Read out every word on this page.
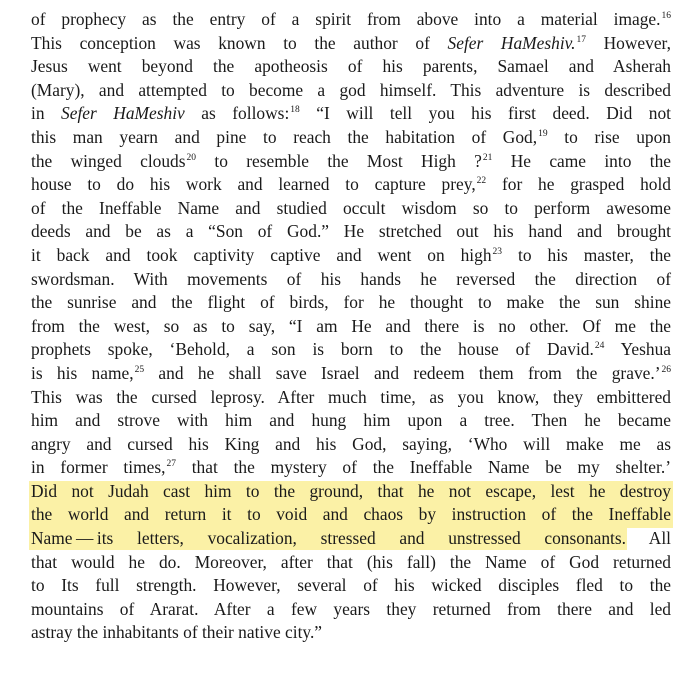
of prophecy as the entry of a spirit from above into a material image.$^{16}$
This conception was known to the author of Sefer HaMeshiv.$^{17}$ However,
Jesus went beyond the apotheosis of his parents, Samael and Asherah
(Mary), and attempted to become a god himself. This adventure is described
in Sefer HaMeshiv as follows:$^{18}$ “I will tell you his first deed. Did not
this man yearn and pine to reach the habitation of God,$^{19}$ to rise upon
the winged clouds$^{20}$ to resemble the Most High ?$^{21}$ He came into the
house to do his work and learned to capture prey,$^{22}$ for he grasped hold
of the Ineffable Name and studied occult wisdom so to perform awesome
deeds and be as a “Son of God.” He stretched out his hand and brought
it back and took captivity captive and went on high$^{23}$ to his master, the
swordsman. With movements of his hands he reversed the direction of
the sunrise and the flight of birds, for he thought to make the sun shine
from the west, so as to say, “I am He and there is no other. Of me the
prophets spoke, ‘Behold, a son is born to the house of David.$^{24}$ Yeshua
is his name,$^{25}$ and he shall save Israel and redeem them from the grave.’$^{26}$
This was the cursed leprosy. After much time, as you know, they embittered
him and strove with him and hung him upon a tree. Then he became
angry and cursed his King and his God, saying, ‘Who will make me as
in former times,$^{27}$ that the mystery of the Ineffable Name be my shelter.’
Did not Judah cast him to the ground, that he not escape, lest he destroy
the world and return it to void and chaos by instruction of the Ineffable
Name — its letters, vocalization, stressed and unstressed consonants. All
that would he do. Moreover, after that (his fall) the Name of God returned
to Its full strength. However, several of his wicked disciples fled to the
mountains of Ararat. After a few years they returned from there and led
astray the inhabitants of their native city.”
